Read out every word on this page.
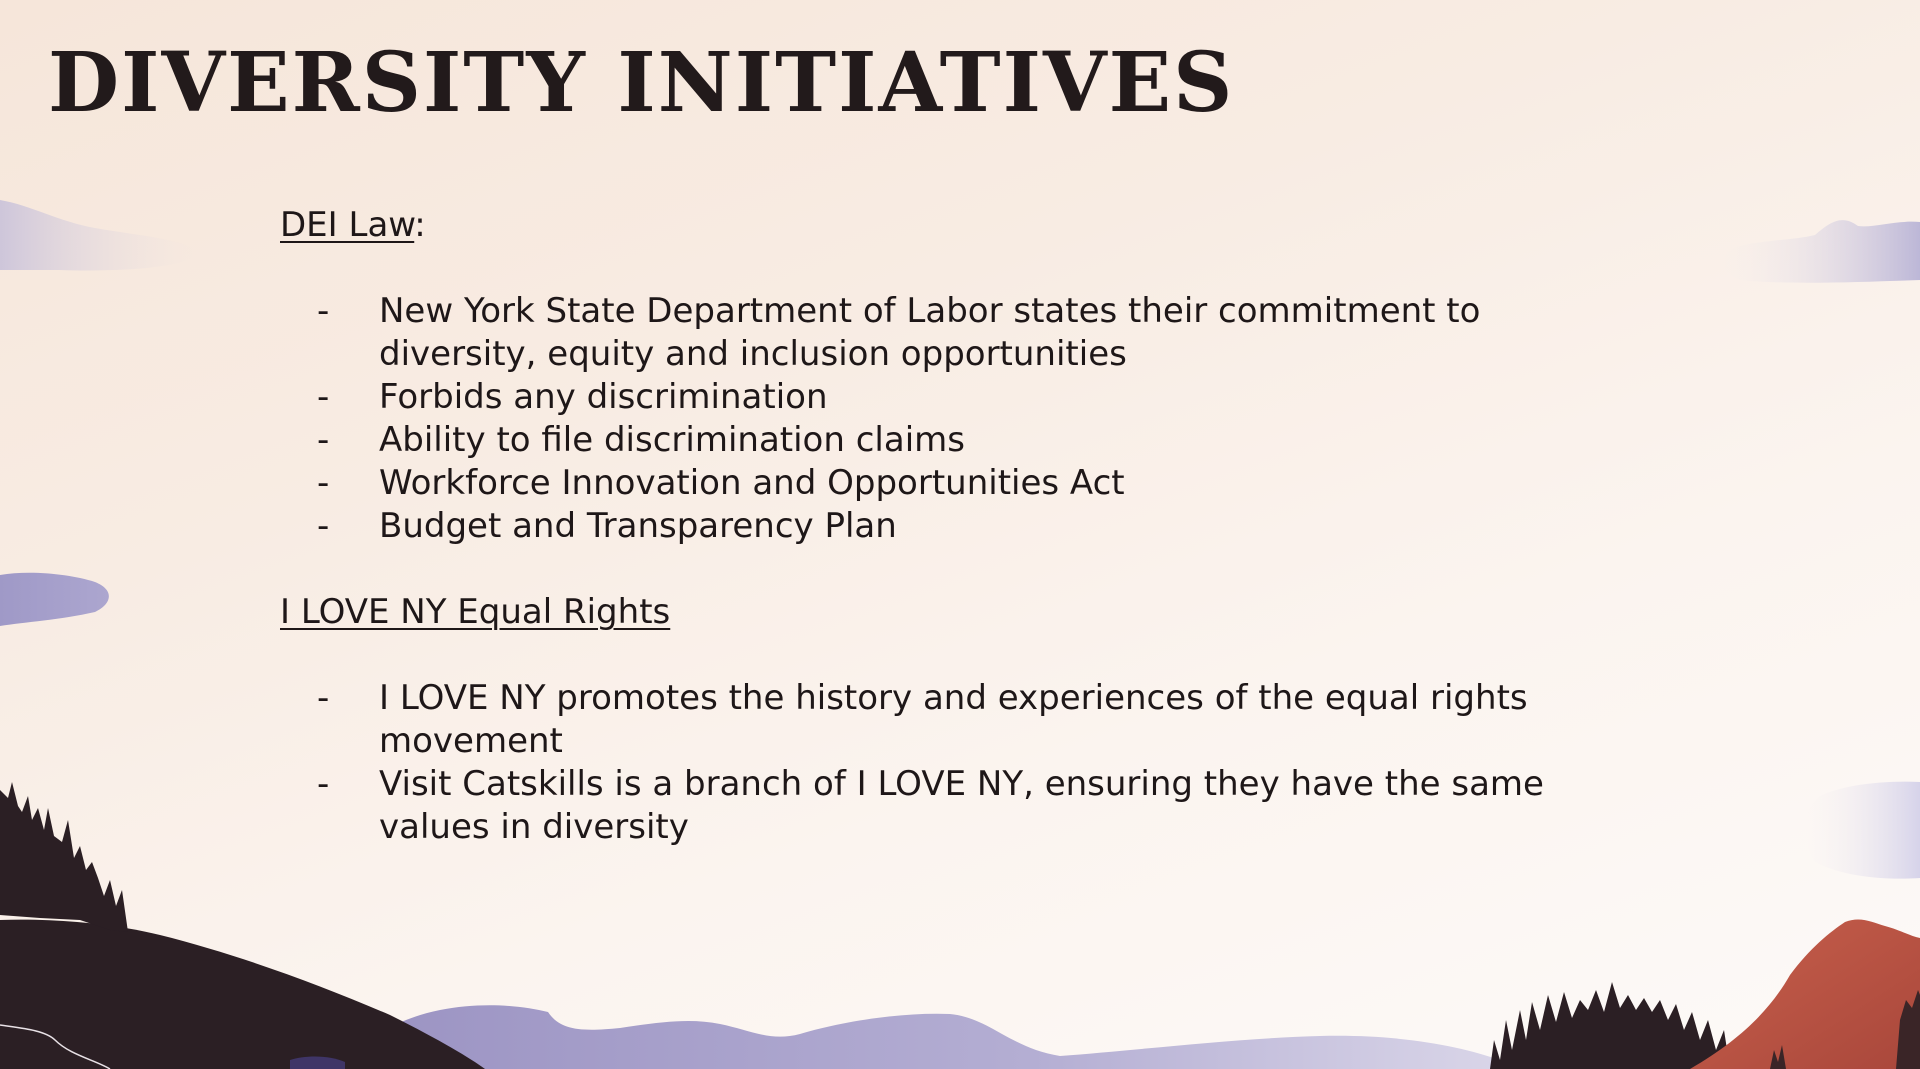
DIVERSITY INITIATIVES
DEI Law:
- New York State Department of Labor states their commitment to diversity, equity and inclusion opportunities
- Forbids any discrimination
- Ability to file discrimination claims
- Workforce Innovation and Opportunities Act
- Budget and Transparency Plan
I LOVE NY Equal Rights
- I LOVE NY promotes the history and experiences of the equal rights movement
- Visit Catskills is a branch of I LOVE NY, ensuring they have the same values in diversity
